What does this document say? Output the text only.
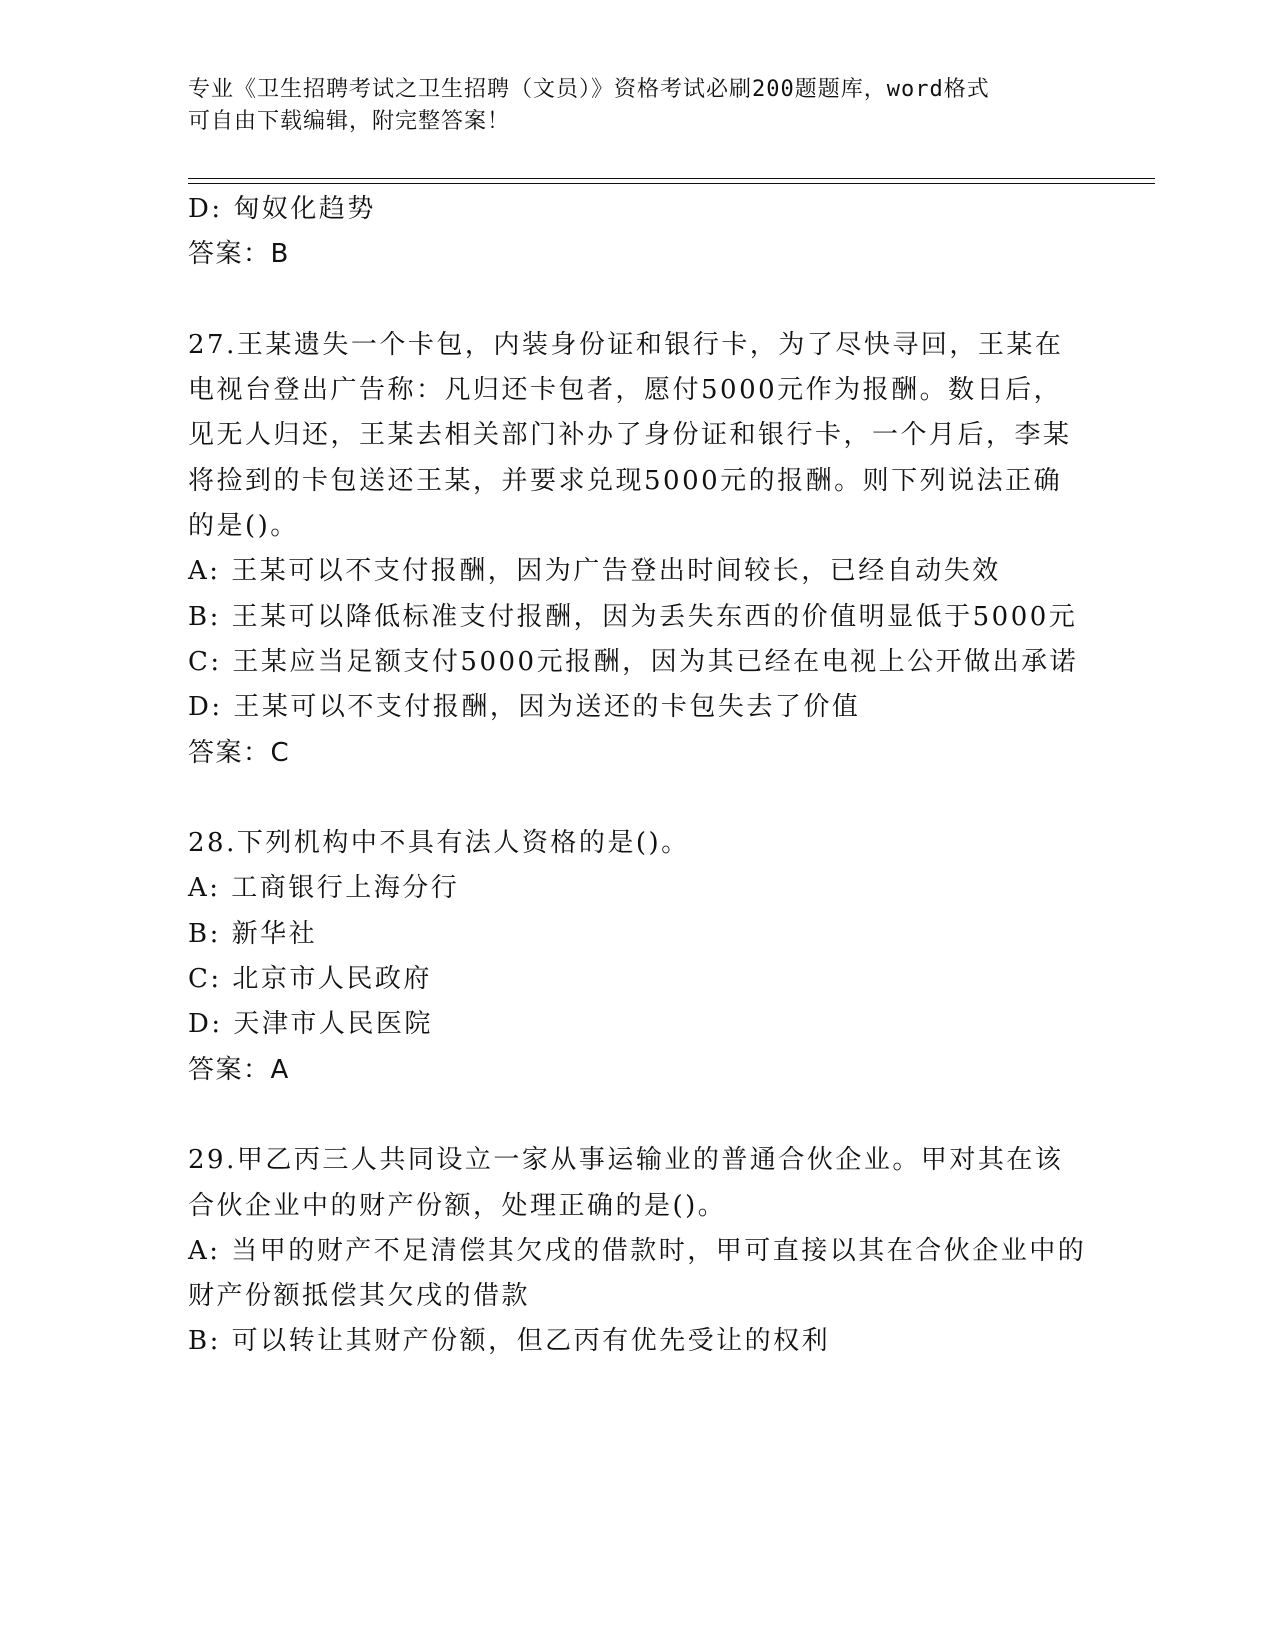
专业《卫生招聘考试之卫生招聘（文员）》资格考试必刷200题题库，word格式
可自由下载编辑，附完整答案！

D: 匈奴化趋势

答案：B

27.王某遗失一个卡包，内装身份证和银行卡，为了尽快寻回，王某在电视台登出广告称：凡归还卡包者，愿付5000元作为报酬。数日后，见无人归还，王某去相关部门补办了身份证和银行卡，一个月后，李某将捡到的卡包送还王某，并要求兑现5000元的报酬。则下列说法正确的是()。

A: 王某可以不支付报酬，因为广告登出时间较长，已经自动失效

B: 王某可以降低标准支付报酬，因为丢失东西的价值明显低于5000元

C: 王某应当足额支付5000元报酬，因为其已经在电视上公开做出承诺

D: 王某可以不支付报酬，因为送还的卡包失去了价值

答案：C

28.下列机构中不具有法人资格的是()。

A: 工商银行上海分行

B: 新华社

C: 北京市人民政府

D: 天津市人民医院

答案：A

29.甲乙丙三人共同设立一家从事运输业的普通合伙企业。甲对其在该合伙企业中的财产份额，处理正确的是()。

A: 当甲的财产不足清偿其欠戌的借款时，甲可直接以其在合伙企业中的财产份额抵偿其欠戌的借款

B: 可以转让其财产份额，但乙丙有优先受让的权利
